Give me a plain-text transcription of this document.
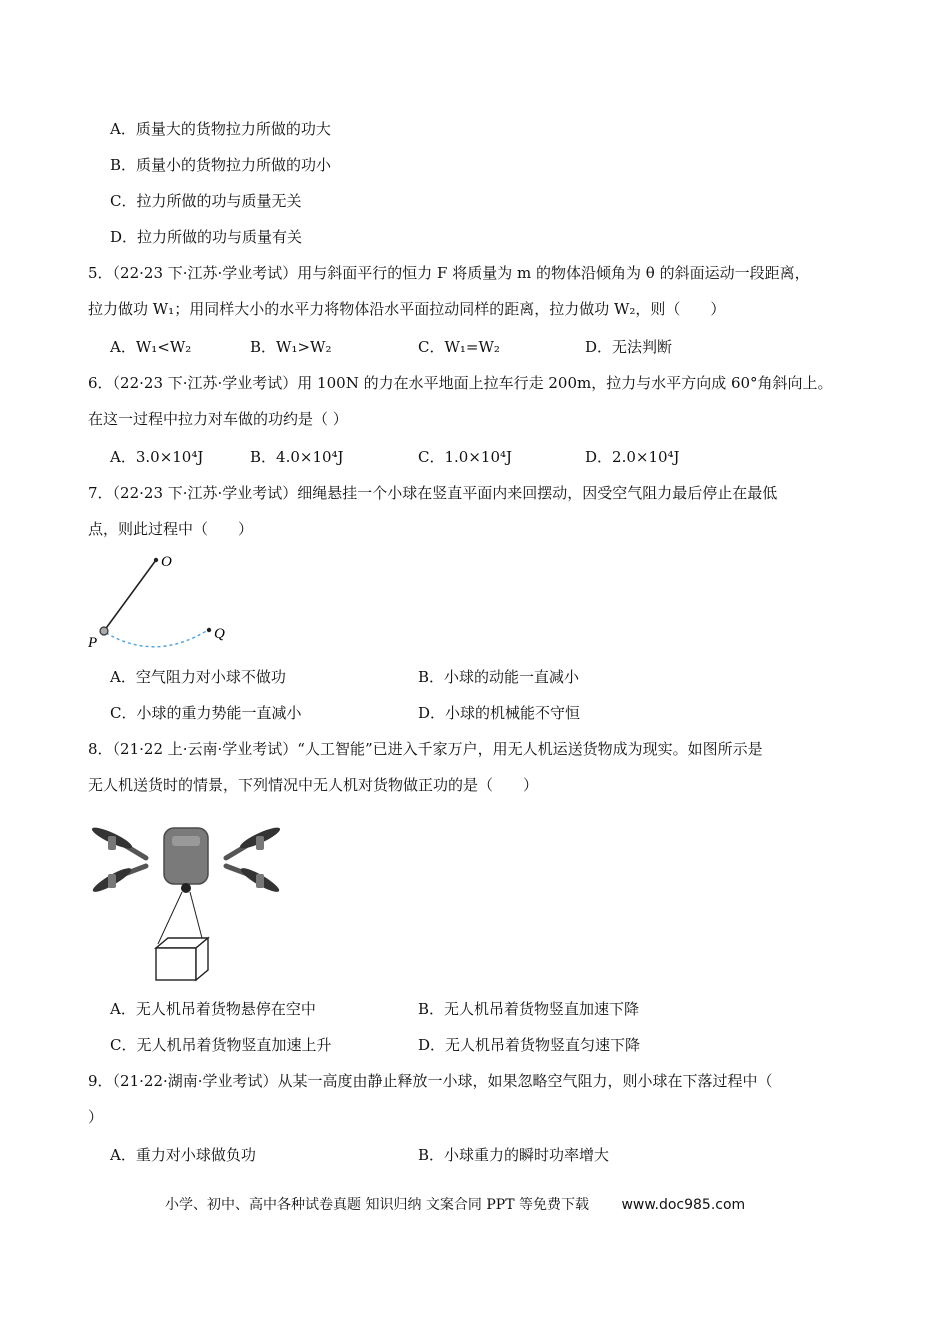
A．质量大的货物拉力所做的功大
B．质量小的货物拉力所做的功小
C．拉力所做的功与质量无关
D．拉力所做的功与质量有关
5．（22·23 下·江苏·学业考试）用与斜面平行的恒力 F 将质量为 m 的物体沿倾角为 θ 的斜面运动一段距离，
拉力做功 W₁；用同样大小的水平力将物体沿水平面拉动同样的距离，拉力做功 W₂，则（　　）
A．W₁<W₂	B．W₁>W₂	C．W₁=W₂	D．无法判断
6．（22·23 下·江苏·学业考试）用 100N 的力在水平地面上拉车行走 200m，拉力与水平方向成 60°角斜向上。
在这一过程中拉力对车做的功约是（ ）
A．3.0×10⁴J	B．4.0×10⁴J	C．1.0×10⁴J	D．2.0×10⁴J
7．（22·23 下·江苏·学业考试）细绳悬挂一个小球在竖直平面内来回摆动，因受空气阻力最后停止在最低
点，则此过程中（　　）
O
P
Q
A．空气阻力对小球不做功	B．小球的动能一直减小
C．小球的重力势能一直减小	D．小球的机械能不守恒
8．（21·22 上·云南·学业考试）“人工智能”已进入千家万户，用无人机运送货物成为现实。如图所示是
无人机送货时的情景，下列情况中无人机对货物做正功的是（　　）
A．无人机吊着货物悬停在空中	B．无人机吊着货物竖直加速下降
C．无人机吊着货物竖直加速上升	D．无人机吊着货物竖直匀速下降
9．（21·22·湖南·学业考试）从某一高度由静止释放一小球，如果忽略空气阻力，则小球在下落过程中（
）
A．重力对小球做负功	B．小球重力的瞬时功率增大
小学、初中、高中各种试卷真题 知识归纳 文案合同 PPT 等免费下载 www.doc985.com
